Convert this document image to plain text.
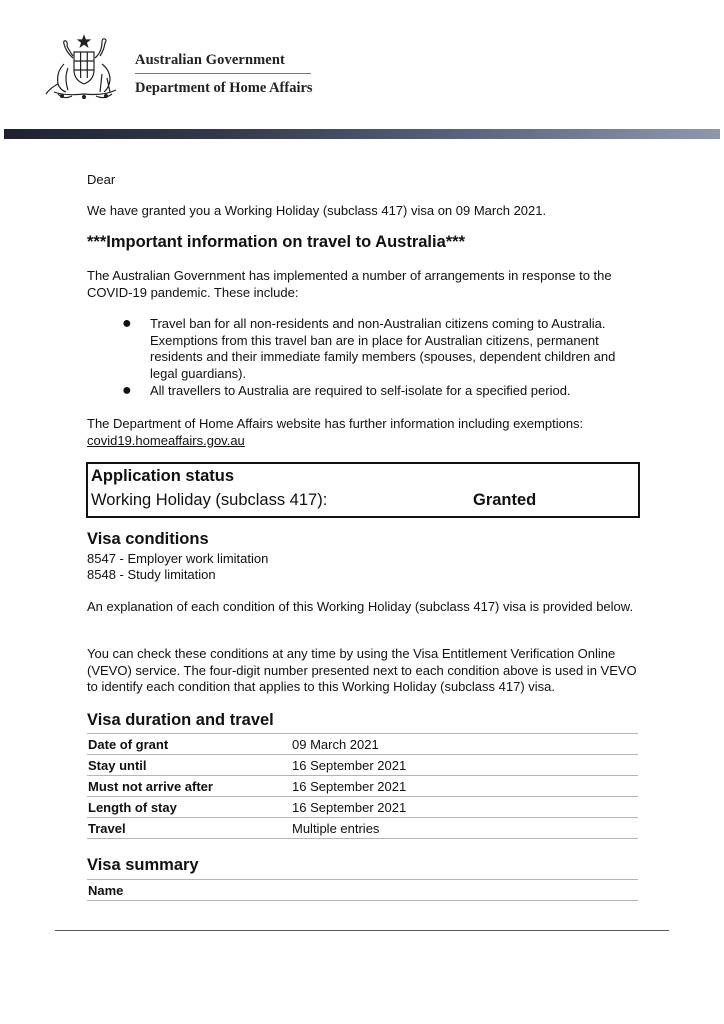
Australian Government
Department of Home Affairs

Dear

We have granted you a Working Holiday (subclass 417) visa on 09 March 2021.

***Important information on travel to Australia***

The Australian Government has implemented a number of arrangements in response to the COVID-19 pandemic. These include:

● Travel ban for all non-residents and non-Australian citizens coming to Australia. Exemptions from this travel ban are in place for Australian citizens, permanent residents and their immediate family members (spouses, dependent children and legal guardians).
● All travellers to Australia are required to self-isolate for a specified period.

The Department of Home Affairs website has further information including exemptions:
covid19.homeaffairs.gov.au

Application status
Working Holiday (subclass 417):	Granted
Visa conditions
8547 - Employer work limitation
8548 - Study limitation

An explanation of each condition of this Working Holiday (subclass 417) visa is provided below.

You can check these conditions at any time by using the Visa Entitlement Verification Online (VEVO) service. The four-digit number presented next to each condition above is used in VEVO to identify each condition that applies to this Working Holiday (subclass 417) visa.

Visa duration and travel
Date of grant	09 March 2021
Stay until	16 September 2021
Must not arrive after	16 September 2021
Length of stay	16 September 2021
Travel	Multiple entries
Visa summary
Name	
